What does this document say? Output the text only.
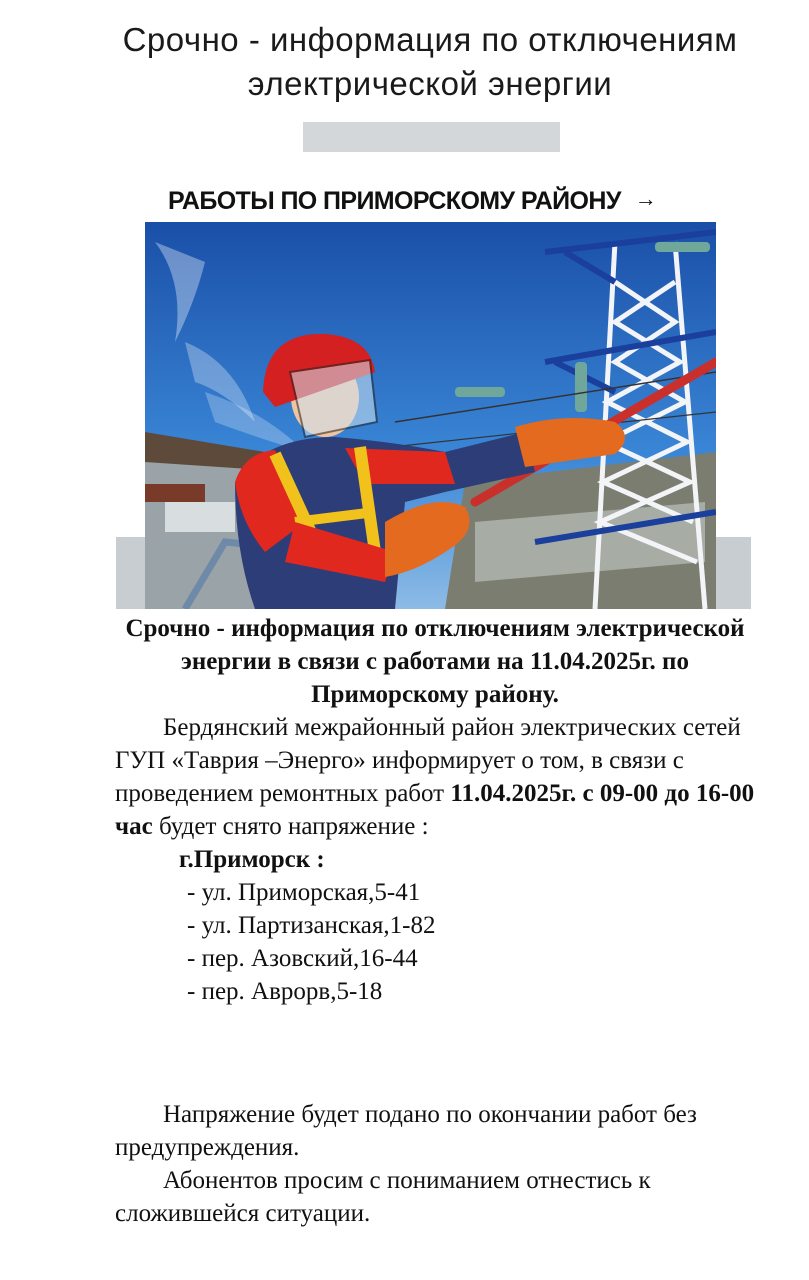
Срочно - информация по отключениям электрической энергии
РАБОТЫ ПО ПРИМОРСКОМУ РАЙОНУ →

Срочно - информация по отключениям электрической энергии в связи с работами на 11.04.2025г. по Приморскому району.

Бердянский межрайонный район электрических сетей ГУП «Таврия –Энерго» информирует о том, в связи с проведением ремонтных работ 11.04.2025г. с 09-00 до 16-00 час будет снято напряжение :

г.Приморск :

- ул. Приморская,5-41
- ул. Партизанская,1-82
- пер. Азовский,16-44
- пер. Аврорв,5-18

Напряжение будет подано по окончании работ без предупреждения.

Абонентов просим с пониманием отнестись к сложившейся ситуации.
